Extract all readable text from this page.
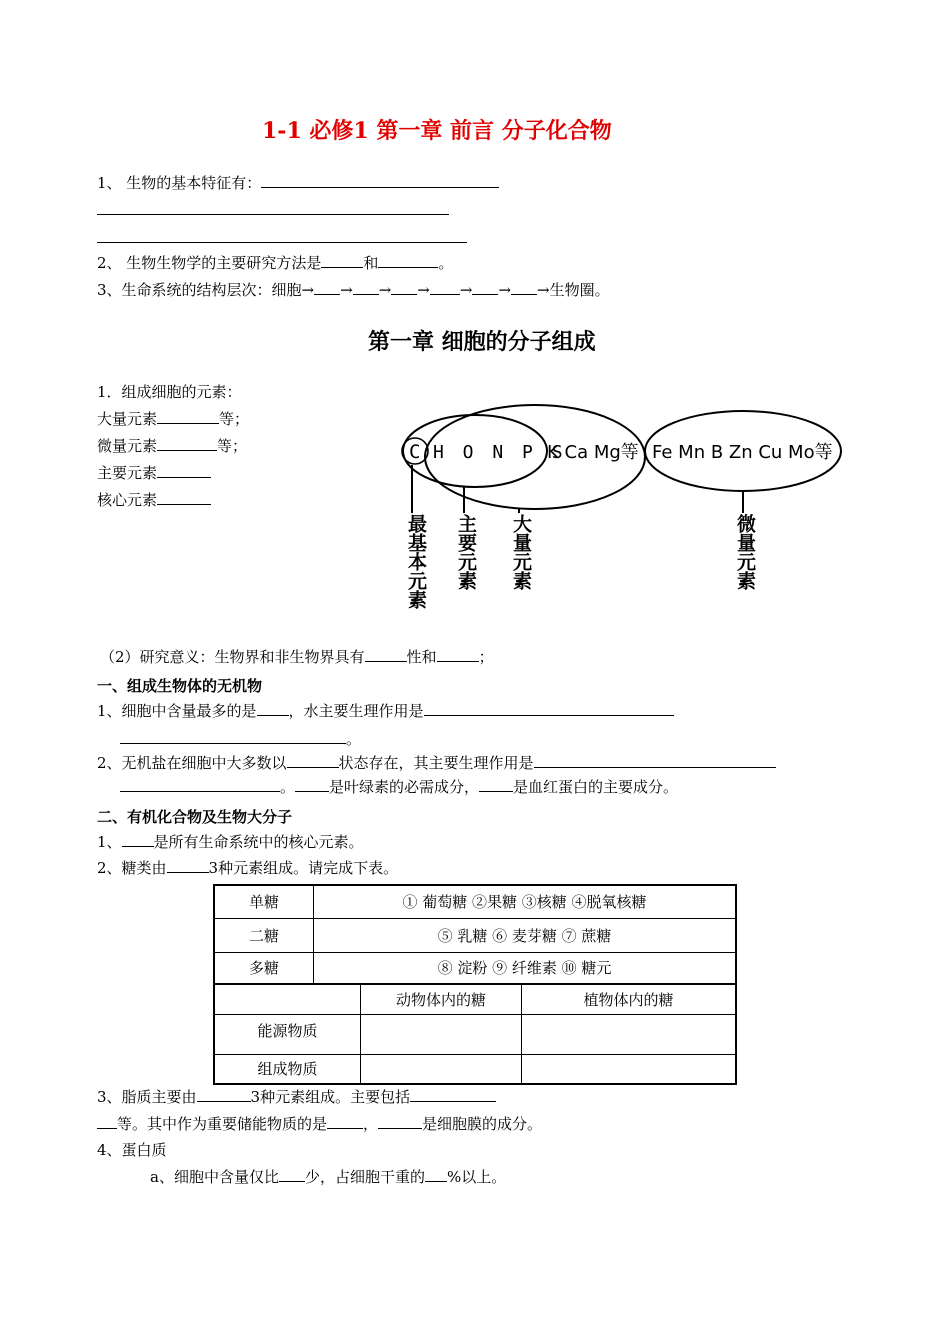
1-1 必修1 第一章 前言 分子化合物
1、 生物的基本特征有：
2、 生物生物学的主要研究方法是	和	。
3、生命系统的结构层次：细胞→ → → → → → →生物圈。
第一章 细胞的分子组成
1．组成细胞的元素：
大量元素	等；
微量元素	等；
主要元素
核心元素
C H O N P S
K Ca Mg等 Fe Mn B Zn Cu Mo等
最基本元素 主要元素 大量元素	微量元素
（2）研究意义：生物界和非生物界具有	性和	；
一、组成生物体的无机物
1、细胞中含量最多的是 ，水主要生理作用是
。
2、无机盐在细胞中大多数以	状态存在，其主要生理作用是
。 是叶绿素的必需成分， 是血红蛋白的主要成分。
二、有机化合物及生物大分子
1、 是所有生命系统中的核心元素。
2、糖类由	3种元素组成。请完成下表。
单糖	① 葡萄糖 ②果糖 ③核糖 ④脱氧核糖
二糖	⑤ 乳糖 ⑥ 麦芽糖 ⑦ 蔗糖
多糖	⑧ 淀粉 ⑨ 纤维素 ⑩ 糖元
	动物体内的糖	植物体内的糖
能源物质		
组成物质		
3、脂质主要由	3种元素组成。主要包括
等。其中作为重要储能物质的是 ，	是细胞膜的成分。
4、蛋白质
a、细胞中含量仅比 少，占细胞干重的 %以上。
